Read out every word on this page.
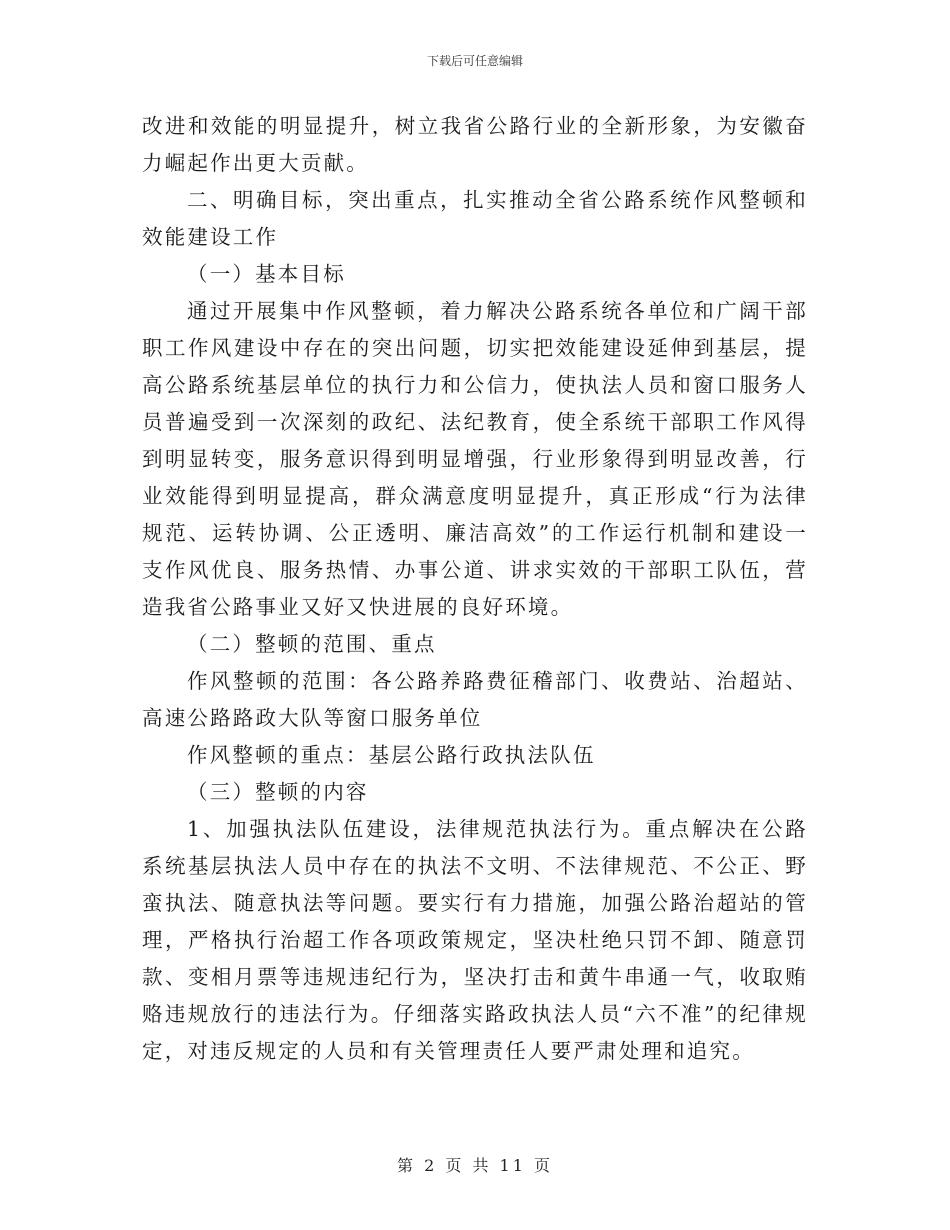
下载后可任意编辑

改进和效能的明显提升，树立我省公路行业的全新形象，为安徽奋力崛起作出更大贡献。

二、明确目标，突出重点，扎实推动全省公路系统作风整顿和效能建设工作

（一）基本目标

通过开展集中作风整顿，着力解决公路系统各单位和广阔干部职工作风建设中存在的突出问题，切实把效能建设延伸到基层，提高公路系统基层单位的执行力和公信力，使执法人员和窗口服务人员普遍受到一次深刻的政纪、法纪教育，使全系统干部职工作风得到明显转变，服务意识得到明显增强，行业形象得到明显改善，行业效能得到明显提高，群众满意度明显提升，真正形成“行为法律规范、运转协调、公正透明、廉洁高效”的工作运行机制和建设一支作风优良、服务热情、办事公道、讲求实效的干部职工队伍，营造我省公路事业又好又快进展的良好环境。

（二）整顿的范围、重点

作风整顿的范围：各公路养路费征稽部门、收费站、治超站、高速公路路政大队等窗口服务单位

作风整顿的重点：基层公路行政执法队伍

（三）整顿的内容

1、加强执法队伍建设，法律规范执法行为。重点解决在公路系统基层执法人员中存在的执法不文明、不法律规范、不公正、野蛮执法、随意执法等问题。要实行有力措施，加强公路治超站的管理，严格执行治超工作各项政策规定，坚决杜绝只罚不卸、随意罚款、变相月票等违规违纪行为，坚决打击和黄牛串通一气，收取贿赂违规放行的违法行为。仔细落实路政执法人员“六不准”的纪律规定，对违反规定的人员和有关管理责任人要严肃处理和追究。

第 2 页 共 11 页
